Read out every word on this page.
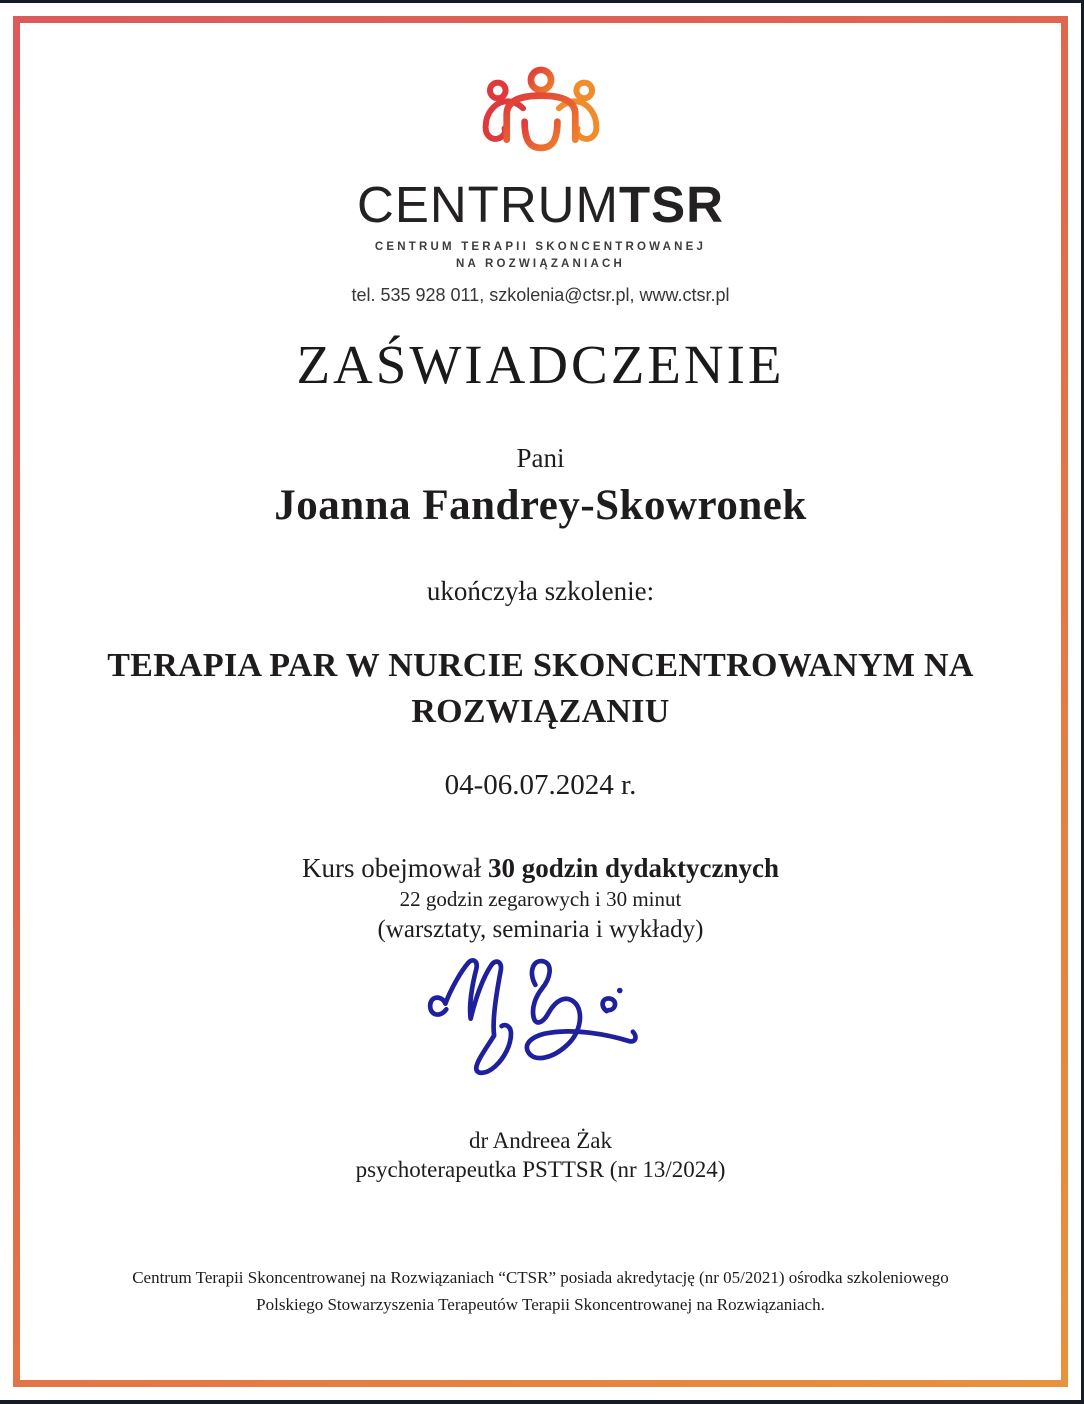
CENTRUMTSR
CENTRUM TERAPII SKONCENTROWANEJ
NA ROZWIĄZANIACH
tel. 535 928 011, szkolenia@ctsr.pl, www.ctsr.pl
ZAŚWIADCZENIE
Pani
Joanna Fandrey-Skowronek
ukończyła szkolenie:
TERAPIA PAR W NURCIE SKONCENTROWANYM NA
ROZWIĄZANIU
04-06.07.2024 r.
Kurs obejmował 30 godzin dydaktycznych
22 godzin zegarowych i 30 minut
(warsztaty, seminaria i wykłady)
dr Andreea Żak
psychoterapeutka PSTTSR (nr 13/2024)
Centrum Terapii Skoncentrowanej na Rozwiązaniach “CTSR” posiada akredytację (nr 05/2021) ośrodka szkoleniowego
Polskiego Stowarzyszenia Terapeutów Terapii Skoncentrowanej na Rozwiązaniach.
